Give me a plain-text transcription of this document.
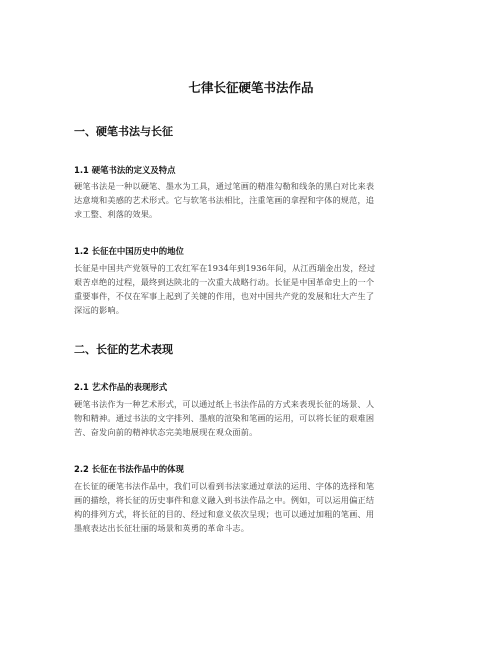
七律长征硬笔书法作品
一、硬笔书法与长征
1.1 硬笔书法的定义及特点
硬笔书法是一种以硬笔、墨水为工具，通过笔画的精准勾勒和线条的黑白对比来表
达意境和美感的艺术形式。它与软笔书法相比，注重笔画的拿捏和字体的规范，追
求工整、利落的效果。
1.2 长征在中国历史中的地位
长征是中国共产党领导的工农红军在1934年到1936年间，从江西瑞金出发，经过
艰苦卓绝的过程，最终到达陕北的一次重大战略行动。长征是中国革命史上的一个
重要事件，不仅在军事上起到了关键的作用，也对中国共产党的发展和壮大产生了
深远的影响。
二、长征的艺术表现
2.1 艺术作品的表现形式
硬笔书法作为一种艺术形式，可以通过纸上书法作品的方式来表现长征的场景、人
物和精神。通过书法的文字排列、墨痕的渲染和笔画的运用，可以将长征的艰难困
苦、奋发向前的精神状态完美地展现在观众面前。
2.2 长征在书法作品中的体现
在长征的硬笔书法作品中，我们可以看到书法家通过章法的运用、字体的选择和笔
画的描绘，将长征的历史事件和意义融入到书法作品之中。例如，可以运用偏正结
构的排列方式，将长征的目的、经过和意义依次呈现；也可以通过加粗的笔画、用
墨痕表达出长征壮丽的场景和英勇的革命斗志。
